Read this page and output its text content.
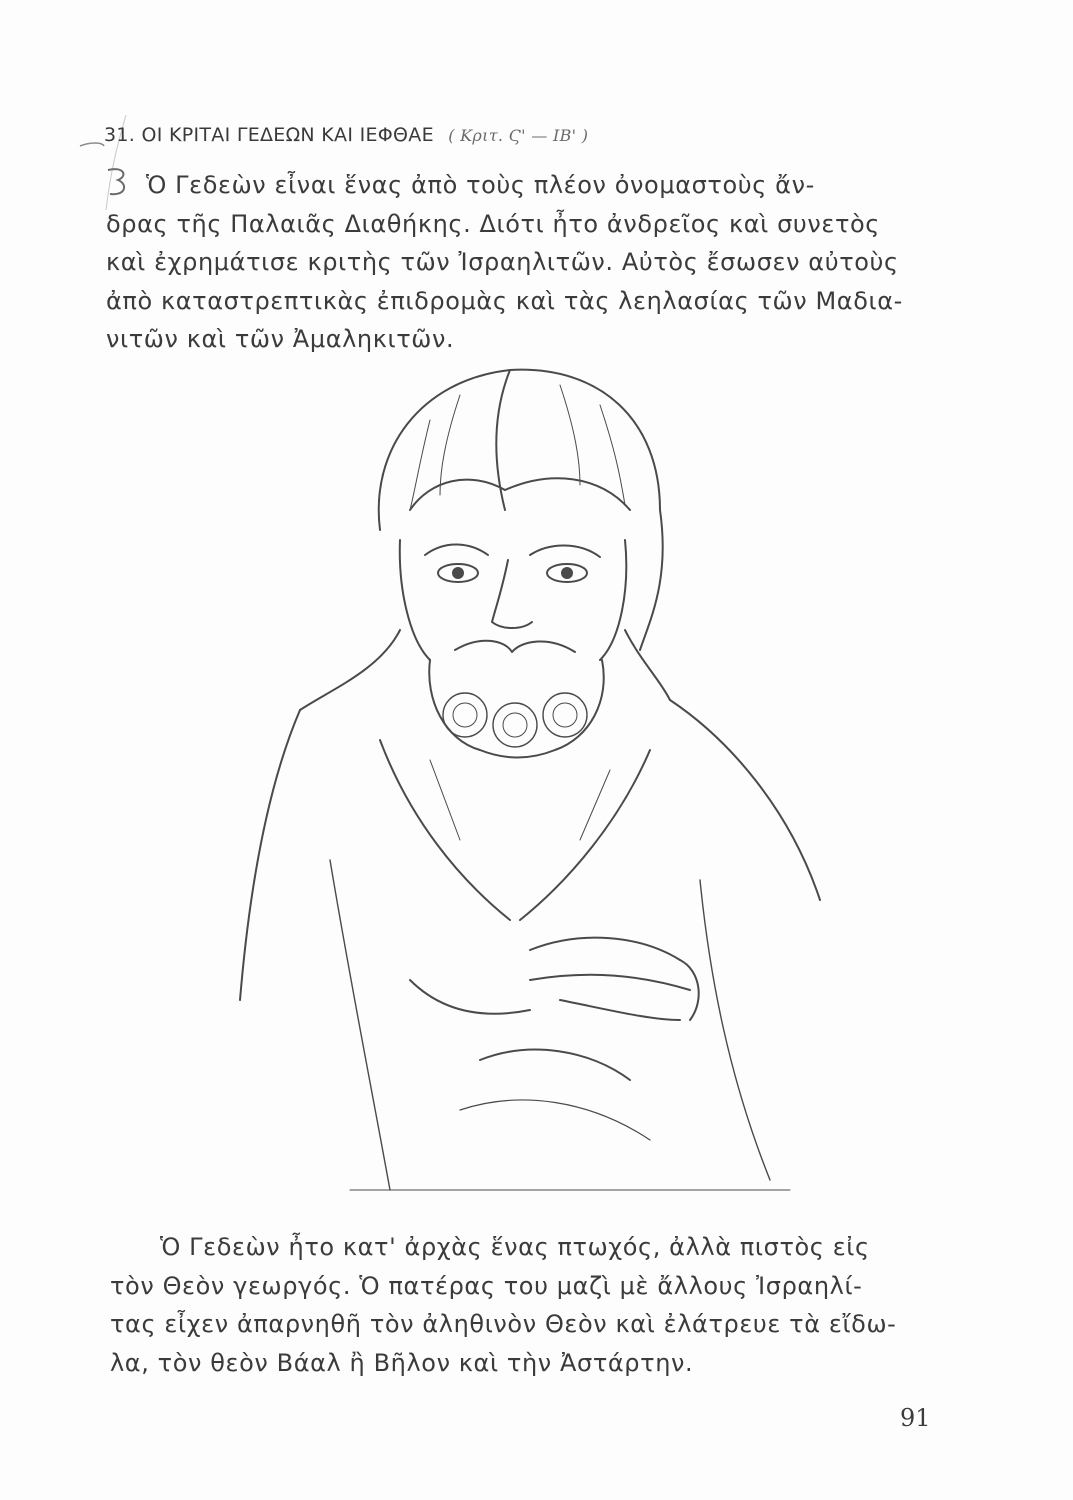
31. ΟΙ ΚΡΙΤΑΙ ΓΕΔΕΩΝ ΚΑΙ ΙΕΦΘΑΕ ( Κριτ. Ϛ' — ΙΒ' )
Ὁ Γεδεὼν εἶναι ἕνας ἀπὸ τοὺς πλέον ὀνομαστοὺς ἄν-
δρας τῆς Παλαιᾶς Διαθήκης. Διότι ἦτο ἀνδρεῖος καὶ συνετὸς
καὶ ἐχρημάτισε κριτὴς τῶν Ἰσραηλιτῶν. Αὐτὸς ἔσωσεν αὐτοὺς
ἀπὸ καταστρεπτικὰς ἐπιδρομὰς καὶ τὰς λεηλασίας τῶν Μαδια-
νιτῶν καὶ τῶν Ἀμαληκιτῶν.
Ὁ Γεδεὼν ἦτο κατ' ἀρχὰς ἕνας πτωχός, ἀλλὰ πιστὸς εἰς
τὸν Θεὸν γεωργός. Ὁ πατέρας του μαζὶ μὲ ἄλλους Ἰσραηλί-
τας εἶχεν ἀπαρνηθῆ τὸν ἀληθινὸν Θεὸν καὶ ἐλάτρευε τὰ εἴδω-
λα, τὸν θεὸν Βάαλ ἢ Βῆλον καὶ τὴν Ἀστάρτην.
91
